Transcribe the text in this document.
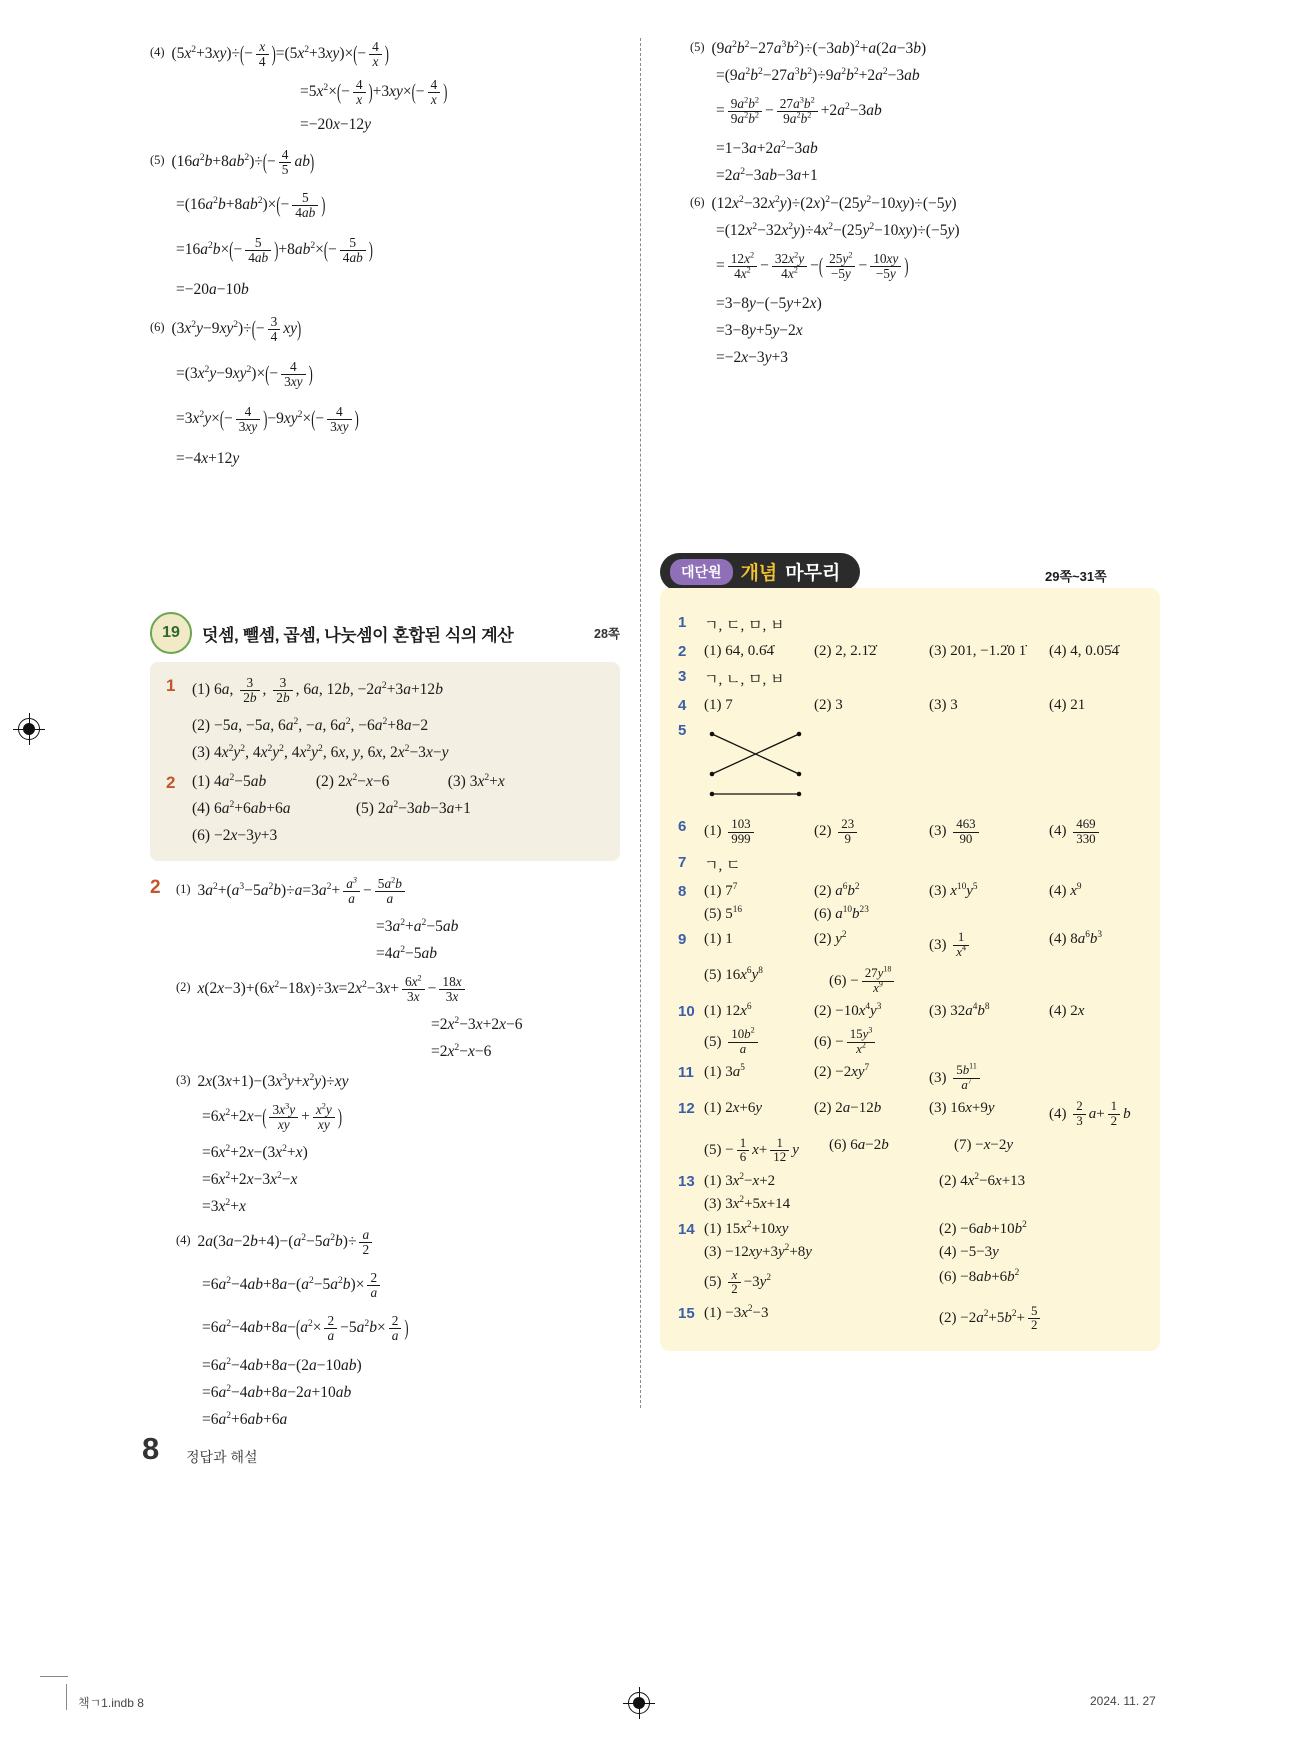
(4) $(5x^2+3xy)\div(- \frac{x}{4} )=(5x^2+3xy)\times(- \frac{4}{x}$ )
$=5x^2\times(- \frac{4}{x} )+3xy\times(- \frac{4}{x}$ )
=−20x−12y
(5) $(16a^2b+8ab^2)\div(- \frac{4}{5} ab)$
$=(16a^2b+8ab^2)\times(- \frac{5}{4ab}$ )
$=16a^2b\times(- \frac{5}{4ab} )+8ab^2\times(- \frac{5}{4ab}$ )
=−20a−10b
(6) $(3x^2y-9xy^2)\div(- \frac{3}{4} xy)$
$=(3x^2y-9xy^2)\times(- \frac{4}{3xy}$ )
$=3x^2y\times(- \frac{4}{3xy} )-9xy^2\times(- \frac{4}{3xy}$ )
=−4x+12y
(5) $(9a^2b^2-27a^3b^2)\div(-3ab)^2+a(2a-3b)$
$=(9a^2b^2-27a^3b^2)\div 9a^2b^2+2a^2-3ab$
= $\frac{9a^2b^2}{9a^2b^2} - \frac{27a^3b^2}{9a^2b^2} +2a^2-3ab$
$=1-3a+2a^2-3ab$
$=2a^2-3ab-3a+1$
(6) $(12x^2-32x^2y)\div(2x)^2-(25y^2-10xy)\div(-5y)$
$=(12x^2-32x^2y)\div 4x^2-(25y^2-10xy)\div(-5y)$
= $\frac{12x^2}{4x^2} - \frac{32x^2y}{4x^2}$ −( $\frac{25y^2}{-5y} - \frac{10xy}{-5y}$ )
=3−8y−(−5y+2x)
=3−8y+5y−2x
=−2x−3y+3
19	덧셈, 뺄셈, 곱셈, 나눗셈이 혼합된 식의 계산	28쪽
1	(1) 6a, $\frac{3}{2b}$ , $\frac{3}{2b}$ , 6a, 12b, $-2a^2+3a+12b$
(2) −5a, −5a, $6a^2$, −a, $6a^2$, $-6a^2+8a-2$
(3) $4x^2y^2$, $4x^2y^2$, $4x^2y^2$, 6x, y, 6x, $2x^2-3x-y$
2	(1) $4a^2-5ab$	(2) $2x^2-x-6$	(3) $3x^2+x$
(4) $6a^2+6ab+6a$	(5) $2a^2-3ab-3a+1$
(6) −2x−3y+3
2	(1) $3a^2+(a^3-5a^2b)\div a=3a^2+ \frac{a^3}{a} - \frac{5a^2b}{a}$
$=3a^2+a^2-5ab$
$=4a^2-5ab$
(2) $x(2x-3)+(6x^2-18x)\div 3x=2x^2-3x+ \frac{6x^2}{3x} - \frac{18x}{3x}$
$=2x^2-3x+2x-6$
$=2x^2-x-6$
(3) $2x(3x+1)-(3x^3y+x^2y)\div xy$
$=6x^2+2x-( \frac{3x^3y}{xy} + \frac{x^2y}{xy}$ )
$=6x^2+2x-(3x^2+x)$
$=6x^2+2x-3x^2-x$
$=3x^2+x$
(4) $2a(3a-2b+4)-(a^2-5a^2b)\div \frac{a}{2}$
$=6a^2-4ab+8a-(a^2-5a^2b)\times \frac{2}{a}$
$=6a^2-4ab+8a-(a^2\times \frac{2}{a} -5a^2b\times \frac{2}{a}$ )
$=6a^2-4ab+8a-(2a-10ab)$
$=6a^2-4ab+8a-2a+10ab$
$=6a^2+6ab+6a$
대단원	개념 마무리	29쪽~31쪽
1	ㄱ, ㄷ, ㅁ, ㅂ
2	(1) 64, 0.6̇4̇	(2) 2, 2.1̇2̇	(3) 201, −1.2̇0 1̇	(4) 4, 0.05̇4̇
3	ㄱ, ㄴ, ㅁ, ㅂ
4	(1) 7	(2) 3	(3) 3	(4) 21
5
6	$(1) \frac{103}{999}$	$(2) \frac{23}{9}$	$(3) \frac{463}{90}$	$(4) \frac{469}{330}$
7	ㄱ, ㄷ
8	(1) $7^7$	(2) $a^6b^2$	(3) $x^{10}y^5$	(4) $x^9$
(5) $5^{16}$	(6) $a^{10}b^{23}$
9	(1) 1	(2) $y^2$
$(3) \frac{1}{x^4}$	(4) $8a^6b^3$
(5) $16x^6y^8$
$(6) - \frac{27y^{18}}{x^9}$
10 (1) $12x^6$	$(2) -10x^4y^3$	(3) $32a^4b^8$	(4) 2x
$(5) \frac{10b^2}{a}$	$(6) - \frac{15y^3}{x^2}$
11 (1) $3a^5$	$(2) -2xy^7$
$(3) \frac{5b^{11}}{a^7}$
12 (1) 2x+6y	(2) 2a−12b	(3) 16x+9y	$(4) \frac{2}{3} a+ \frac{1}{2}$ b
$(5) - \frac{1}{6} x+ \frac{1}{12}$ y	(6) 6a−2b	(7) −x−2y
13 (1) $3x^2-x+2$	(2) $4x^2-6x+13$
(3) $3x^2+5x+14$
14 (1) $15x^2+10xy$	$(2) -6ab+10b^2$
$(3) -12xy+3y^2+8y$	(4) −5−3y
$(5) \frac{x}{2} -3y^2$	$(6) -8ab+6b^2$
15 $(1) -3x^2-3$	$(2) -2a^2+5b^2+ \frac{5}{2}$
8 정답과 해설
책ㄱ1.indb 8	2024. 11. 27
